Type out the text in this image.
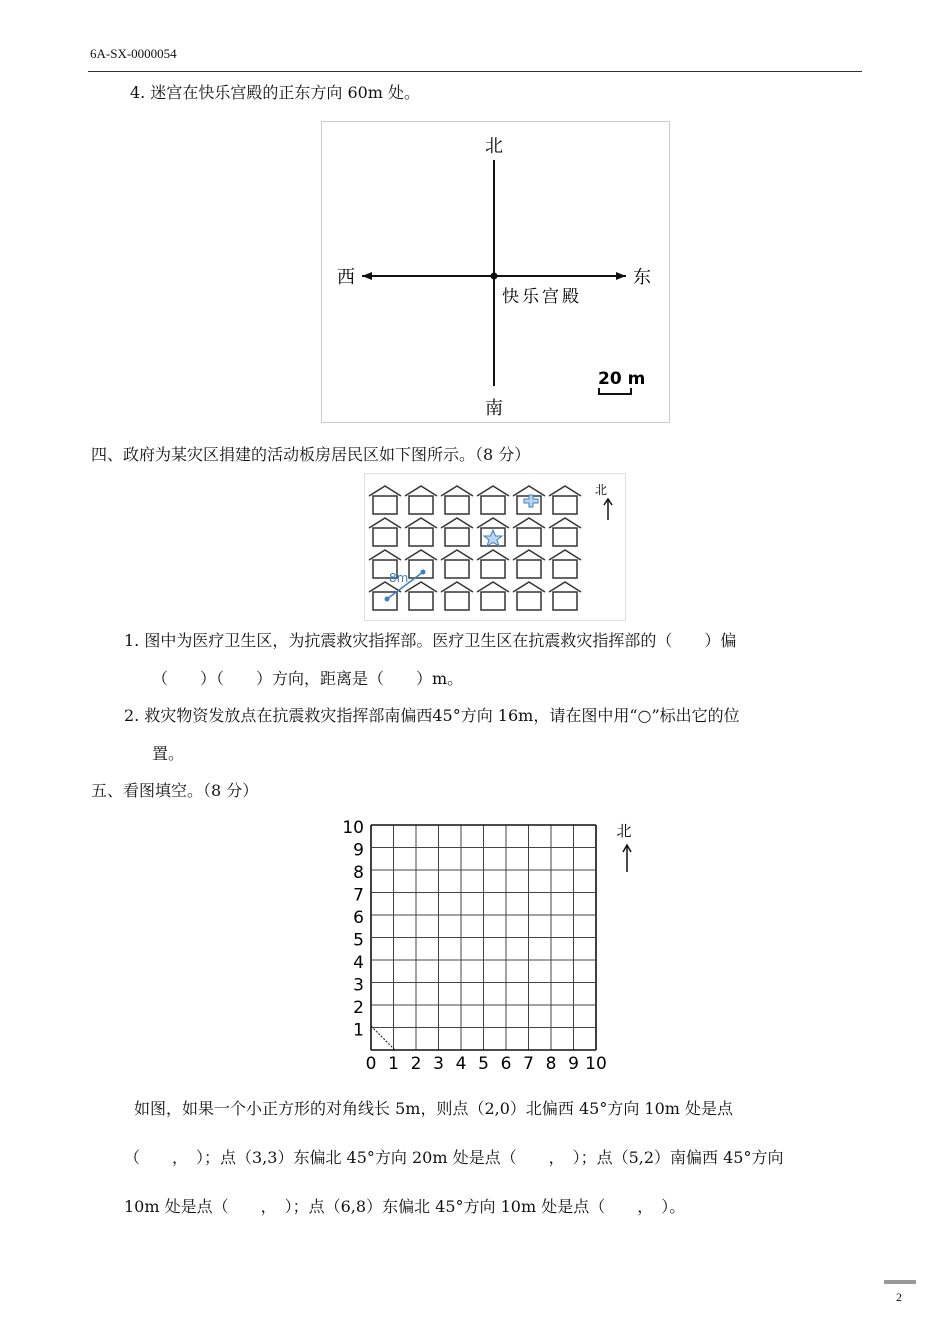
6A-SX-0000054
4. 迷宫在快乐宫殿的正东方向 60m 处。
北
南
西	东
快乐宫殿
20 m
四、政府为某灾区捐建的活动板房居民区如下图所示。（8 分）
8m
北
1. 图中为医疗卫生区，为抗震救灾指挥部。医疗卫生区在抗震救灾指挥部的（　　）偏
（　　）（　　）方向，距离是（　　）m。
2. 救灾物资发放点在抗震救灾指挥部南偏西45°方向 16m，请在图中用“○”标出它的位
置。
五、看图填空。（8 分）
0 1 2 3 4 5 6 7 8 9 10
1
2
3
4
5
6
7
8
9
10	北
如图，如果一个小正方形的对角线长 5m，则点（2,0）北偏西 45°方向 10m 处是点
（　　，　）；点（3,3）东偏北 45°方向 20m 处是点（　　，　）；点（5,2）南偏西 45°方向
10m 处是点（　　，　）；点（6,8）东偏北 45°方向 10m 处是点（　　，　）。
2
